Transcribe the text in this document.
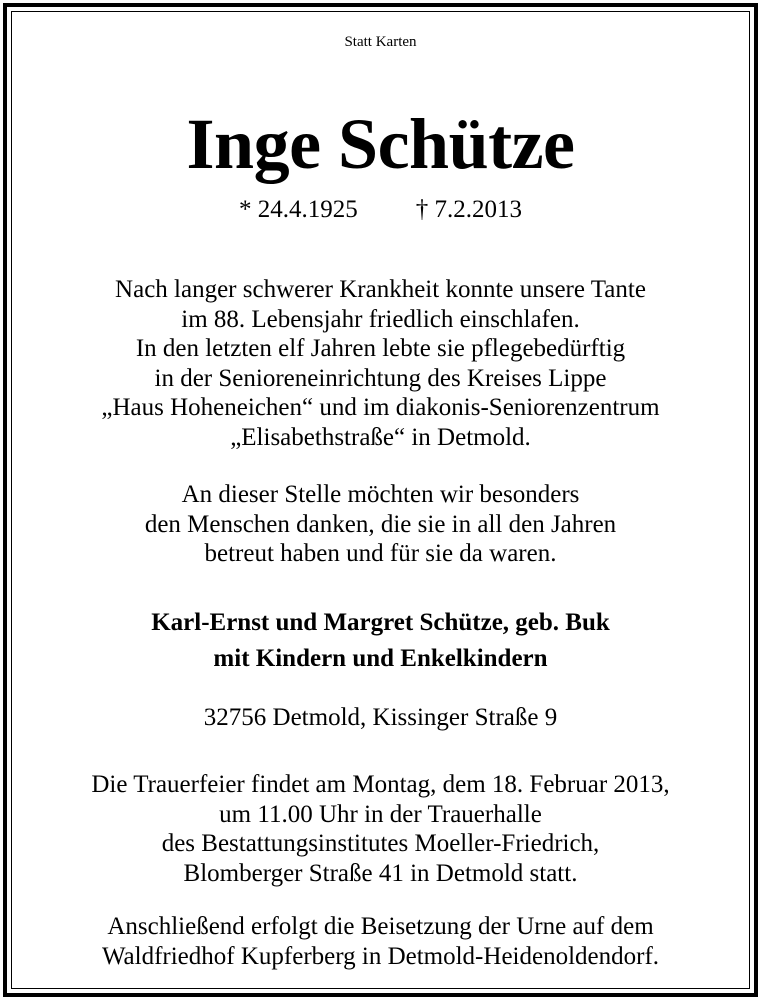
Statt Karten
Inge Schütze
* 24.4.1925 † 7.2.2013
Nach langer schwerer Krankheit konnte unsere Tante
im 88. Lebensjahr friedlich einschlafen.
In den letzten elf Jahren lebte sie pflegebedürftig
in der Senioreneinrichtung des Kreises Lippe
„Haus Hoheneichen“ und im diakonis-Seniorenzentrum
„Elisabethstraße“ in Detmold.
An dieser Stelle möchten wir besonders
den Menschen danken, die sie in all den Jahren
betreut haben und für sie da waren.
Karl-Ernst und Margret Schütze, geb. Buk
mit Kindern und Enkelkindern
32756 Detmold, Kissinger Straße 9
Die Trauerfeier findet am Montag, dem 18. Februar 2013,
um 11.00 Uhr in der Trauerhalle
des Bestattungsinstitutes Moeller-Friedrich,
Blomberger Straße 41 in Detmold statt.
Anschließend erfolgt die Beisetzung der Urne auf dem
Waldfriedhof Kupferberg in Detmold-Heidenoldendorf.
